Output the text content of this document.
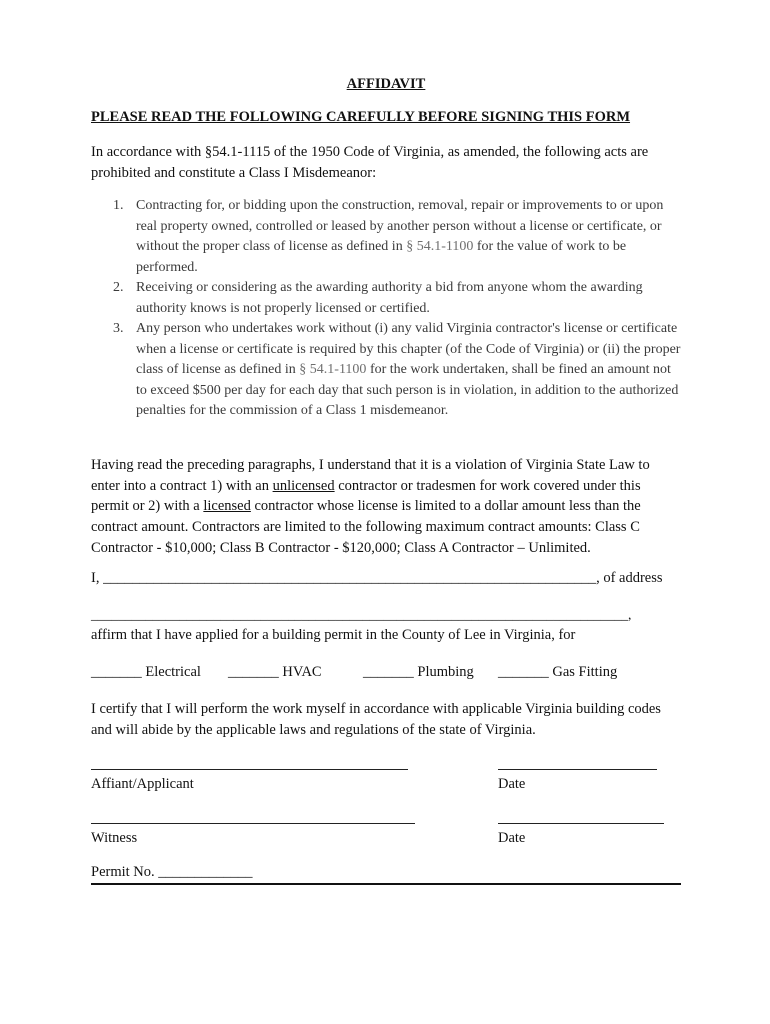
AFFIDAVIT
PLEASE READ THE FOLLOWING CAREFULLY BEFORE SIGNING THIS FORM
In accordance with §54.1-1115 of the 1950 Code of Virginia, as amended, the following acts are prohibited and constitute a Class I Misdemeanor:
1. Contracting for, or bidding upon the construction, removal, repair or improvements to or upon real property owned, controlled or leased by another person without a license or certificate, or without the proper class of license as defined in § 54.1-1100 for the value of work to be performed.
2. Receiving or considering as the awarding authority a bid from anyone whom the awarding authority knows is not properly licensed or certified.
3. Any person who undertakes work without (i) any valid Virginia contractor's license or certificate when a license or certificate is required by this chapter (of the Code of Virginia) or (ii) the proper class of license as defined in § 54.1-1100 for the work undertaken, shall be fined an amount not to exceed $500 per day for each day that such person is in violation, in addition to the authorized penalties for the commission of a Class 1 misdemeanor.
Having read the preceding paragraphs, I understand that it is a violation of Virginia State Law to enter into a contract 1) with an unlicensed contractor or tradesmen for work covered under this permit or 2) with a licensed contractor whose license is limited to a dollar amount less than the contract amount. Contractors are limited to the following maximum contract amounts: Class C Contractor - $10,000; Class B Contractor - $120,000; Class A Contractor – Unlimited.
I, ____________________________________________________________________, of address
_______________________________________________________________________________,
affirm that I have applied for a building permit in the County of Lee in Virginia, for
_______ Electrical _______ HVAC	_______ Plumbing _______ Gas Fitting
I certify that I will perform the work myself in accordance with applicable Virginia building codes and will abide by the applicable laws and regulations of the state of Virginia.
Affiant/Applicant	Date
Witness	Date
Permit No. _____________
